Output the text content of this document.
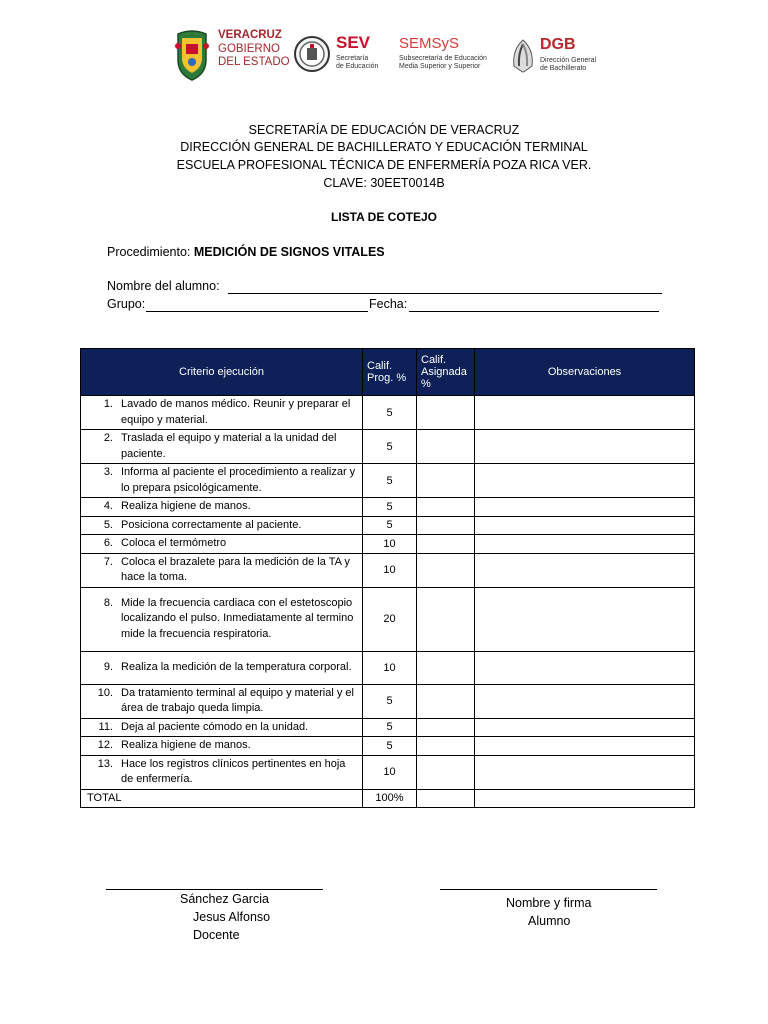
VERACRUZ
GOBIERNO
DEL ESTADO
SEV
Secretaría
de Educación
SEMSyS
Subsecretaría de Educación
Media Superior y Superior
DGB
Dirección General
de Bachillerato
SECRETARÍA DE EDUCACIÓN DE VERACRUZ
DIRECCIÓN GENERAL DE BACHILLERATO Y EDUCACIÓN TERMINAL
ESCUELA PROFESIONAL TÉCNICA DE ENFERMERÍA POZA RICA VER.
CLAVE: 30EET0014B
LISTA DE COTEJO
Procedimiento: MEDICIÓN DE SIGNOS VITALES
Nombre del alumno:
Grupo:	Fecha:
Criterio ejecución	Calif. Prog. %	Calif. Asignada %	Observaciones

1. Lavado de manos médico. Reunir y preparar el equipo y material.	5		

2. Traslada el equipo y material a la unidad del paciente.	5		

3. Informa al paciente el procedimiento a realizar y lo prepara psicológicamente.	5		

4. Realiza higiene de manos.	5		

5. Posiciona correctamente al paciente.	5		

6. Coloca el termómetro	10		

7. Coloca el brazalete para la medición de la TA y hace la toma.	10		

8. Mide la frecuencia cardiaca con el estetoscopio localizando el pulso. Inmediatamente al termino mide la frecuencia respiratoria.	20		

9. Realiza la medición de la temperatura corporal.	10		

10. Da tratamiento terminal al equipo y material y el área de trabajo queda limpia.	5		

11. Deja al paciente cómodo en la unidad.	5		

12. Realiza higiene de manos.	5		

13. Hace los registros clínicos pertinentes en hoja de enfermería.	10		
TOTAL	100%		
Sánchez Garcia
Jesus Alfonso
Docente
Nombre y firma
Alumno
